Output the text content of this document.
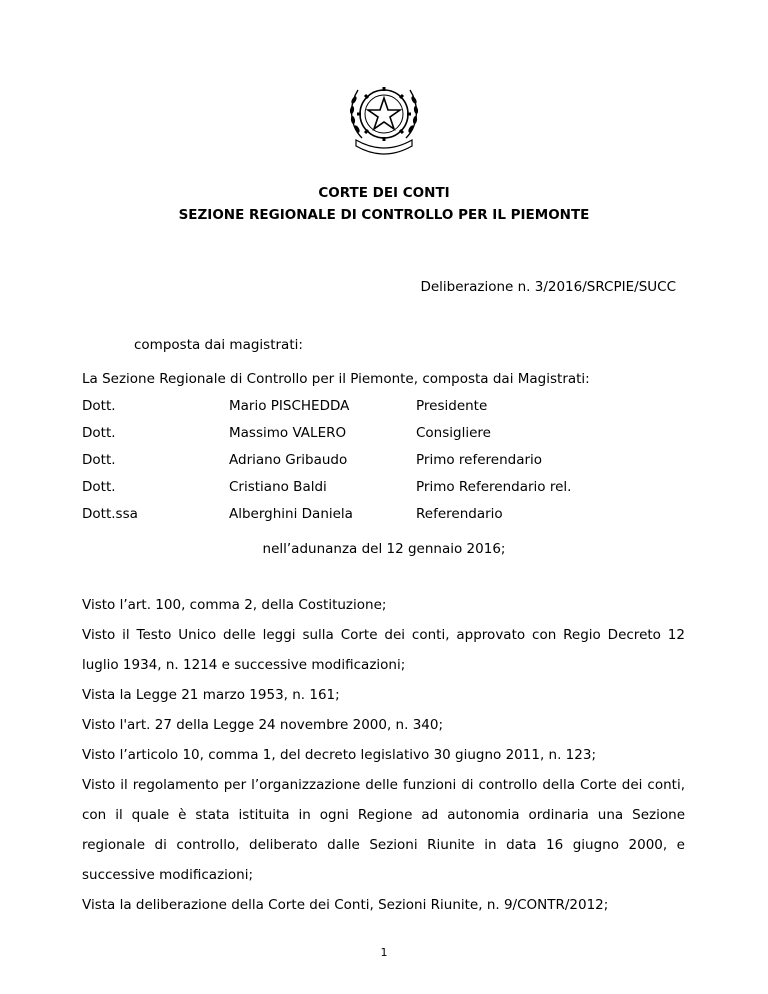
CORTE DEI CONTI
SEZIONE REGIONALE DI CONTROLLO PER IL PIEMONTE
Deliberazione n. 3/2016/SRCPIE/SUCC
composta dai magistrati:
La Sezione Regionale di Controllo per il Piemonte, composta dai Magistrati:
Dott.	Mario PISCHEDDA	Presidente
Dott.	Massimo VALERO	Consigliere
Dott.	Adriano Gribaudo	Primo referendario
Dott.	Cristiano Baldi	Primo Referendario rel.
Dott.ssa	Alberghini Daniela	Referendario
nell’adunanza del 12 gennaio 2016;

Visto l’art. 100, comma 2, della Costituzione;

Visto il Testo Unico delle leggi sulla Corte dei conti, approvato con Regio Decreto 12 luglio 1934, n. 1214 e successive modificazioni;

Vista la Legge 21 marzo 1953, n. 161;

Visto l'art. 27 della Legge 24 novembre 2000, n. 340;

Visto l’articolo 10, comma 1, del decreto legislativo 30 giugno 2011, n. 123;

Visto il regolamento per l’organizzazione delle funzioni di controllo della Corte dei conti, con il quale è stata istituita in ogni Regione ad autonomia ordinaria una Sezione regionale di controllo, deliberato dalle Sezioni Riunite in data 16 giugno 2000, e successive modificazioni;

Vista la deliberazione della Corte dei Conti, Sezioni Riunite, n. 9/CONTR/2012;

1
